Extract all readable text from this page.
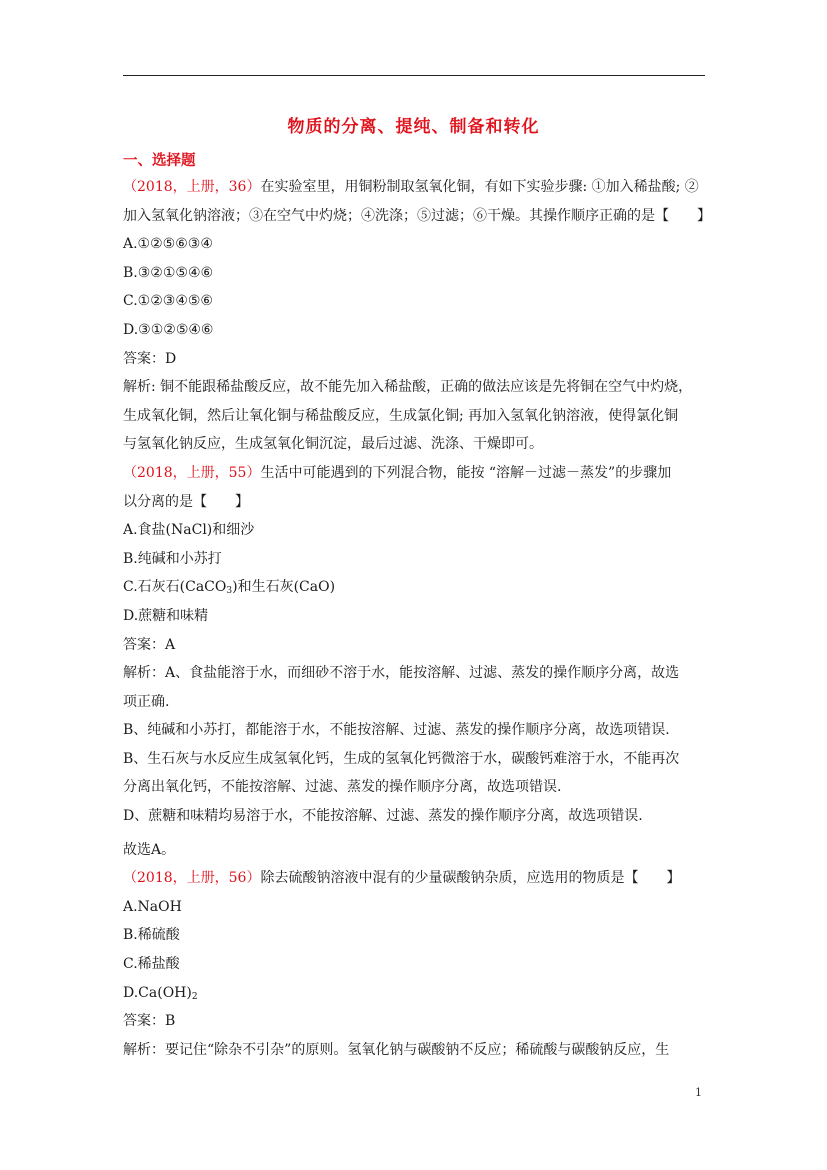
物质的分离、提纯、制备和转化
一、选择题
（2018，上册，36）在实验室里，用铜粉制取氢氧化铜，有如下实验步骤: ①加入稀盐酸; ②
加入氢氧化钠溶液；③在空气中灼烧；④洗涤；⑤过滤；⑥干燥。其操作顺序正确的是【　　】
A.①②⑤⑥③④
B.③②①⑤④⑥
C.①②③④⑤⑥
D.③①②⑤④⑥
答案：D
解析: 铜不能跟稀盐酸反应，故不能先加入稀盐酸，正确的做法应该是先将铜在空气中灼烧，
生成氧化铜，然后让氧化铜与稀盐酸反应，生成氯化铜; 再加入氢氧化钠溶液，使得氯化铜
与氢氧化钠反应，生成氢氧化铜沉淀，最后过滤、洗涤、干燥即可。
（2018，上册，55）生活中可能遇到的下列混合物，能按 “溶解－过滤－蒸发”的步骤加
以分离的是【　　】
A.食盐(NaCl)和细沙
B.纯碱和小苏打
C.石灰石(CaCO$_3$)和生石灰(CaO)
D.蔗糖和味精
答案：A
解析：A、食盐能溶于水，而细砂不溶于水，能按溶解、过滤、蒸发的操作顺序分离，故选
项正确.
B、纯碱和小苏打，都能溶于水，不能按溶解、过滤、蒸发的操作顺序分离，故选项错误.
B、生石灰与水反应生成氢氧化钙，生成的氢氧化钙微溶于水，碳酸钙难溶于水，不能再次
分离出氧化钙，不能按溶解、过滤、蒸发的操作顺序分离，故选项错误.
D、蔗糖和味精均易溶于水，不能按溶解、过滤、蒸发的操作顺序分离，故选项错误.
故选A。
（2018，上册，56）除去硫酸钠溶液中混有的少量碳酸钠杂质，应选用的物质是【　　】
A.NaOH
B.稀硫酸
C.稀盐酸
$D.Ca(OH)_2$
答案：B
解析：要记住“除杂不引杂”的原则。氢氧化钠与碳酸钠不反应；稀硫酸与碳酸钠反应，生
1
